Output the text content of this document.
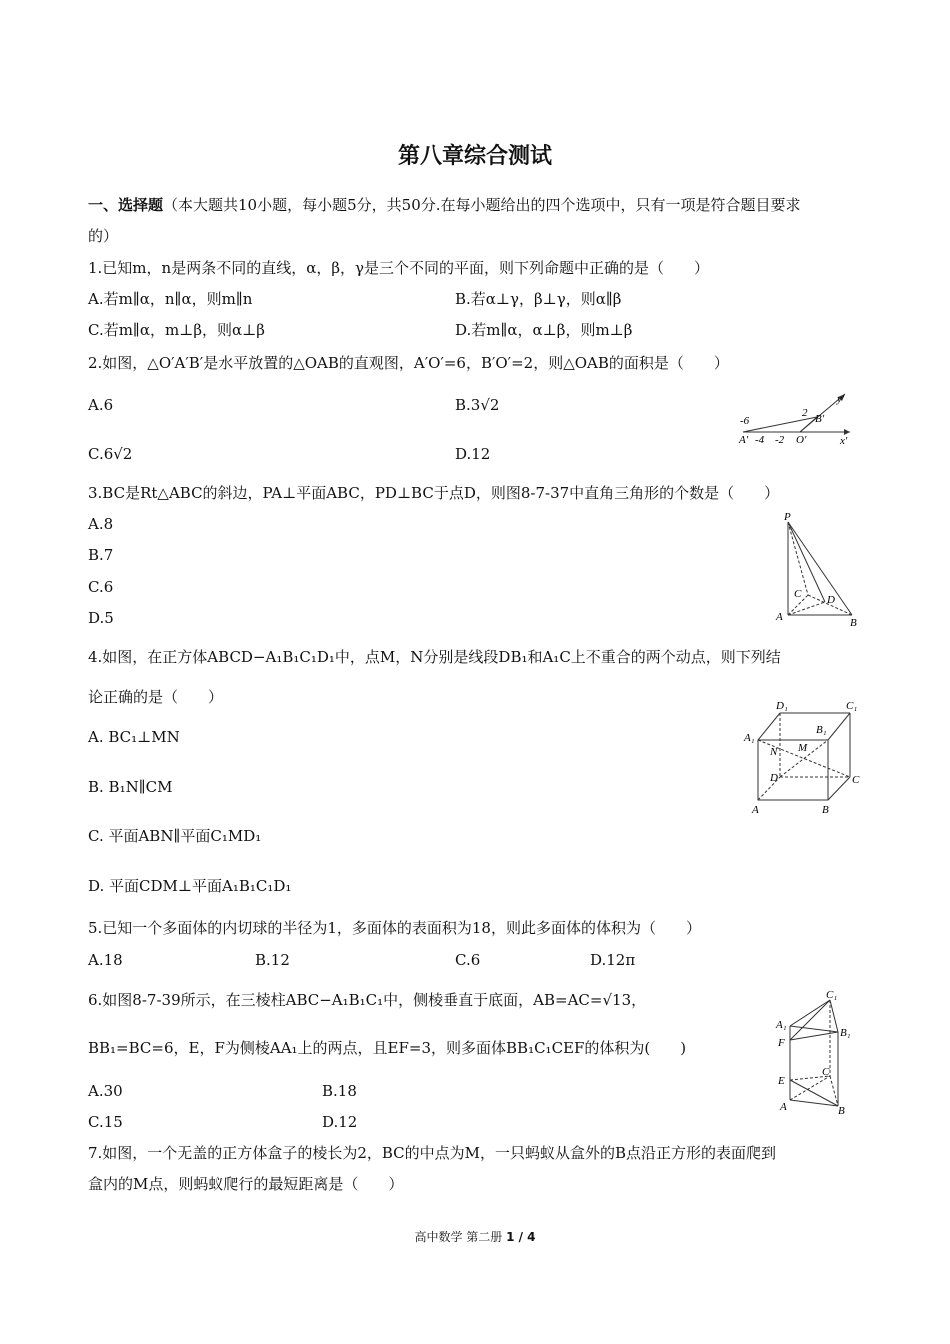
第八章综合测试
一、选择题（本大题共10小题，每小题5分，共50分.在每小题给出的四个选项中，只有一项是符合题目要求
的）
1.已知m，n是两条不同的直线，α，β，γ是三个不同的平面，则下列命题中正确的是（　　）
A.若m∥α，n∥α，则m∥n	B.若α⊥γ，β⊥γ，则α∥β
C.若m∥α，m⊥β，则α⊥β	D.若m∥α，α⊥β，则m⊥β
2.如图，△O′A′B′是水平放置的△OAB的直观图，A′O′=6，B′O′=2，则△OAB的面积是（　　）
A.6	B.3√2
C.6√2	D.12
-6
A′ -4 -2 O′
2 B′
y′
x′
3.BC是Rt△ABC的斜边，PA⊥平面ABC，PD⊥BC于点D，则图8-7-37中直角三角形的个数是（　　）
A.8
B.7
C.6
D.5
P
C D
A	B
4.如图，在正方体ABCD−A₁B₁C₁D₁中，点M，N分别是线段DB₁和A₁C上不重合的两个动点，则下列结
论正确的是（　　）
A. BC₁⊥MN
B. B₁N∥CM
C. 平面ABN∥平面C₁MD₁
D. 平面CDM⊥平面A₁B₁C₁D₁
D₁	C₁
A₁
B₁
N M
D	C
A	B
5.已知一个多面体的内切球的半径为1，多面体的表面积为18，则此多面体的体积为（　　）
A.18	B.12	C.6	D.12π
6.如图8-7-39所示，在三棱柱ABC−A₁B₁C₁中，侧棱垂直于底面，AB=AC=√13，
BB₁=BC=6，E，F为侧棱AA₁上的两点，且EF=3，则多面体BB₁C₁CEF的体积为(　　)
A.30	B.18
C.15	D.12
C₁
A₁
B₁
F
E
C
A	B
7.如图，一个无盖的正方体盒子的棱长为2，BC的中点为M，一只蚂蚁从盒外的B点沿正方形的表面爬到
盒内的M点，则蚂蚁爬行的最短距离是（　　）
高中数学 第二册 1 / 4
